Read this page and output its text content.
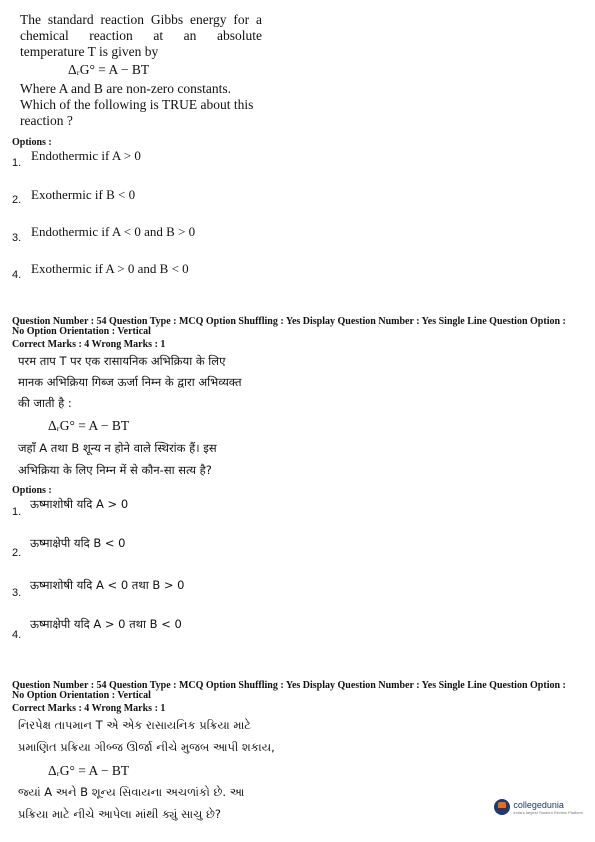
The standard reaction Gibbs energy for a
chemical reaction at an absolute
temperature T is given by
ΔᵣG° = A − BT
Where A and B are non-zero constants.
Which of the following is TRUE about this
reaction ?
Options :
1. Endothermic if A > 0
2. Exothermic if B < 0
3. Endothermic if A < 0 and B > 0
4. Exothermic if A > 0 and B < 0
Question Number : 54 Question Type : MCQ Option Shuffling : Yes Display Question Number : Yes Single Line Question Option :
No Option Orientation : Vertical
Correct Marks : 4 Wrong Marks : 1
परम ताप T पर एक रासायनिक अभिक्रिया के लिए
मानक अभिक्रिया गिब्ज ऊर्जा निम्न के द्वारा अभिव्यक्त
की जाती है :
ΔᵣG° = A − BT
जहाँ A तथा B शून्य न होने वाले स्थिरांक हैं। इस
अभिक्रिया के लिए निम्न में से कौन-सा सत्य है?
Options :
1.
ऊष्माशोषी यदि A > 0
2.
ऊष्माक्षेपी यदि B < 0
3.
ऊष्माशोषी यदि A < 0 तथा B > 0
4.
ऊष्माक्षेपी यदि A > 0 तथा B < 0
Question Number : 54 Question Type : MCQ Option Shuffling : Yes Display Question Number : Yes Single Line Question Option :
No Option Orientation : Vertical
Correct Marks : 4 Wrong Marks : 1
નિરપેક્ષ તાપમાન T એ એક રાસાયનિક પ્રક્રિયા માટે
પ્રમાણિત પ્રક્રિયા ગીબ્જ ઊર્જા નીચે મુજબ આપી શકાય,
ΔᵣG° = A − BT
જ્યાં A અને B શૂન્ય સિવાયના અચળાંકો છે. આ
પ્રક્રિયા માટે નીચે આપેલા માંથી ક્યું સાચુ છે?
collegedunia
India's largest Student Review Platform
